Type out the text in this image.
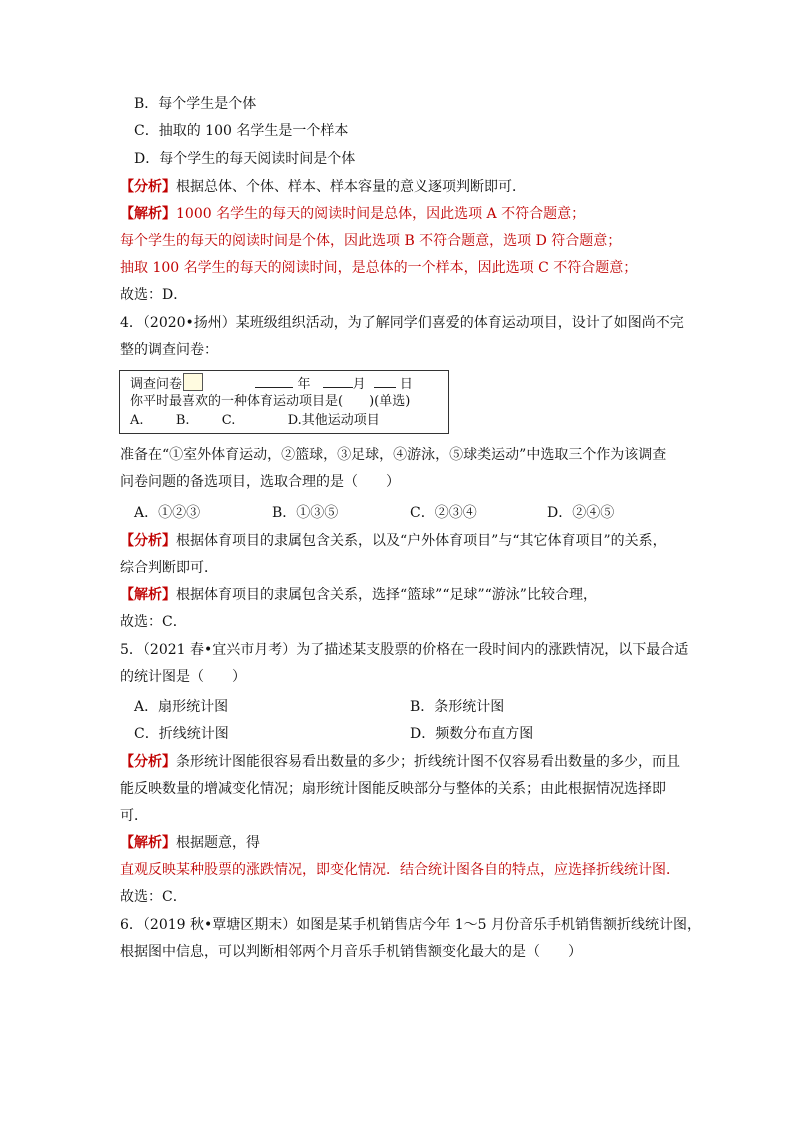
B．每个学生是个体
C．抽取的 100 名学生是一个样本
D．每个学生的每天阅读时间是个体
【分析】根据总体、个体、样本、样本容量的意义逐项判断即可．
【解析】1000 名学生的每天的阅读时间是总体，因此选项 A 不符合题意；
每个学生的每天的阅读时间是个体，因此选项 B 不符合题意，选项 D 符合题意；
抽取 100 名学生的每天的阅读时间，是总体的一个样本，因此选项 C 不符合题意；
故选：D．
4．（2020•扬州）某班级组织活动，为了解同学们喜爱的体育运动项目，设计了如图尚不完
整的调查问卷：
调查问卷	年	月	日
你平时最喜欢的一种体育运动项目是(　　)(单选)
A. B. C.	D.其他运动项目
准备在“①室外体育运动，②篮球，③足球，④游泳，⑤球类运动”中选取三个作为该调查
问卷问题的备选项目，选取合理的是（　　）
A．①②③	B．①③⑤	C．②③④	D．②④⑤
【分析】根据体育项目的隶属包含关系，以及“户外体育项目”与“其它体育项目”的关系，
综合判断即可．
【解析】根据体育项目的隶属包含关系，选择“篮球”“足球”“游泳”比较合理，
故选：C．
5．（2021 春•宜兴市月考）为了描述某支股票的价格在一段时间内的涨跌情况，以下最合适
的统计图是（　　）
A．扇形统计图	B．条形统计图
C．折线统计图	D．频数分布直方图
【分析】条形统计图能很容易看出数量的多少；折线统计图不仅容易看出数量的多少，而且
能反映数量的增减变化情况；扇形统计图能反映部分与整体的关系；由此根据情况选择即
可．
【解析】根据题意，得
直观反映某种股票的涨跌情况，即变化情况．结合统计图各自的特点，应选择折线统计图．
故选：C．
6．（2019 秋•覃塘区期末）如图是某手机销售店今年 1～5 月份音乐手机销售额折线统计图，
根据图中信息，可以判断相邻两个月音乐手机销售额变化最大的是（　　）
